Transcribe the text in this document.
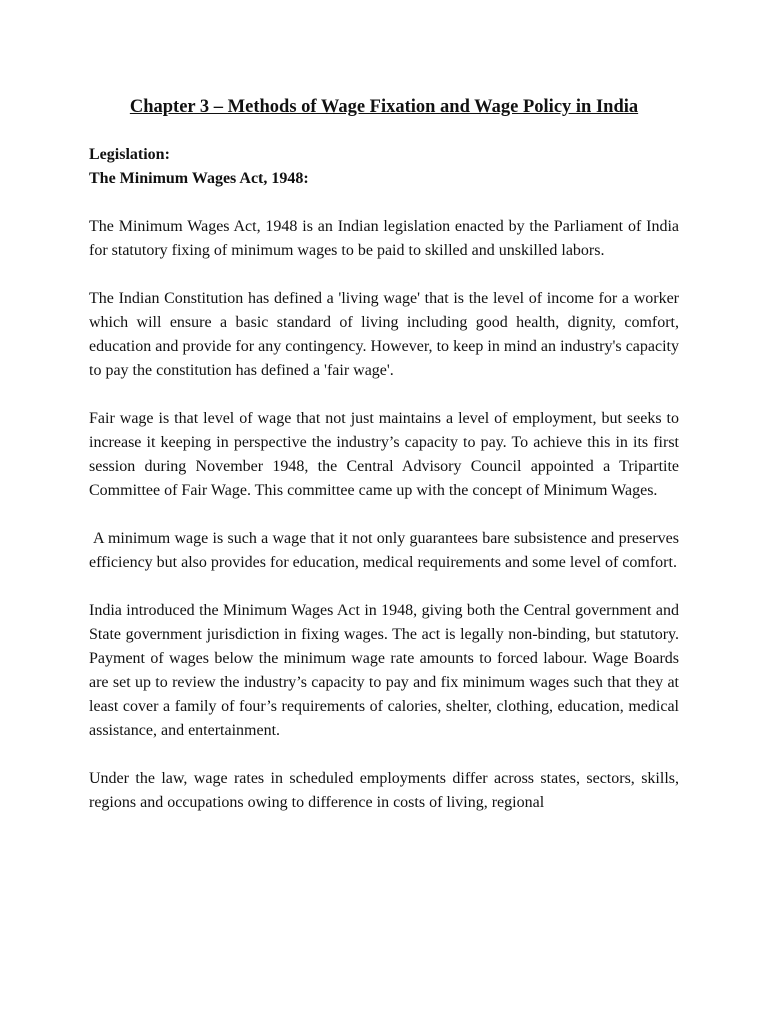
Chapter 3 – Methods of Wage Fixation and Wage Policy in India

Legislation:

The Minimum Wages Act, 1948:

The Minimum Wages Act, 1948 is an Indian legislation enacted by the Parliament of India for statutory fixing of minimum wages to be paid to skilled and unskilled labors.

The Indian Constitution has defined a 'living wage' that is the level of income for a worker which will ensure a basic standard of living including good health, dignity, comfort, education and provide for any contingency. However, to keep in mind an industry's capacity to pay the constitution has defined a 'fair wage'.

Fair wage is that level of wage that not just maintains a level of employment, but seeks to increase it keeping in perspective the industry’s capacity to pay. To achieve this in its first session during November 1948, the Central Advisory Council appointed a Tripartite Committee of Fair Wage. This committee came up with the concept of Minimum Wages.

A minimum wage is such a wage that it not only guarantees bare subsistence and preserves efficiency but also provides for education, medical requirements and some level of comfort.

India introduced the Minimum Wages Act in 1948, giving both the Central government and State government jurisdiction in fixing wages. The act is legally non-binding, but statutory. Payment of wages below the minimum wage rate amounts to forced labour. Wage Boards are set up to review the industry’s capacity to pay and fix minimum wages such that they at least cover a family of four’s requirements of calories, shelter, clothing, education, medical assistance, and entertainment.

Under the law, wage rates in scheduled employments differ across states, sectors, skills, regions and occupations owing to difference in costs of living, regional
